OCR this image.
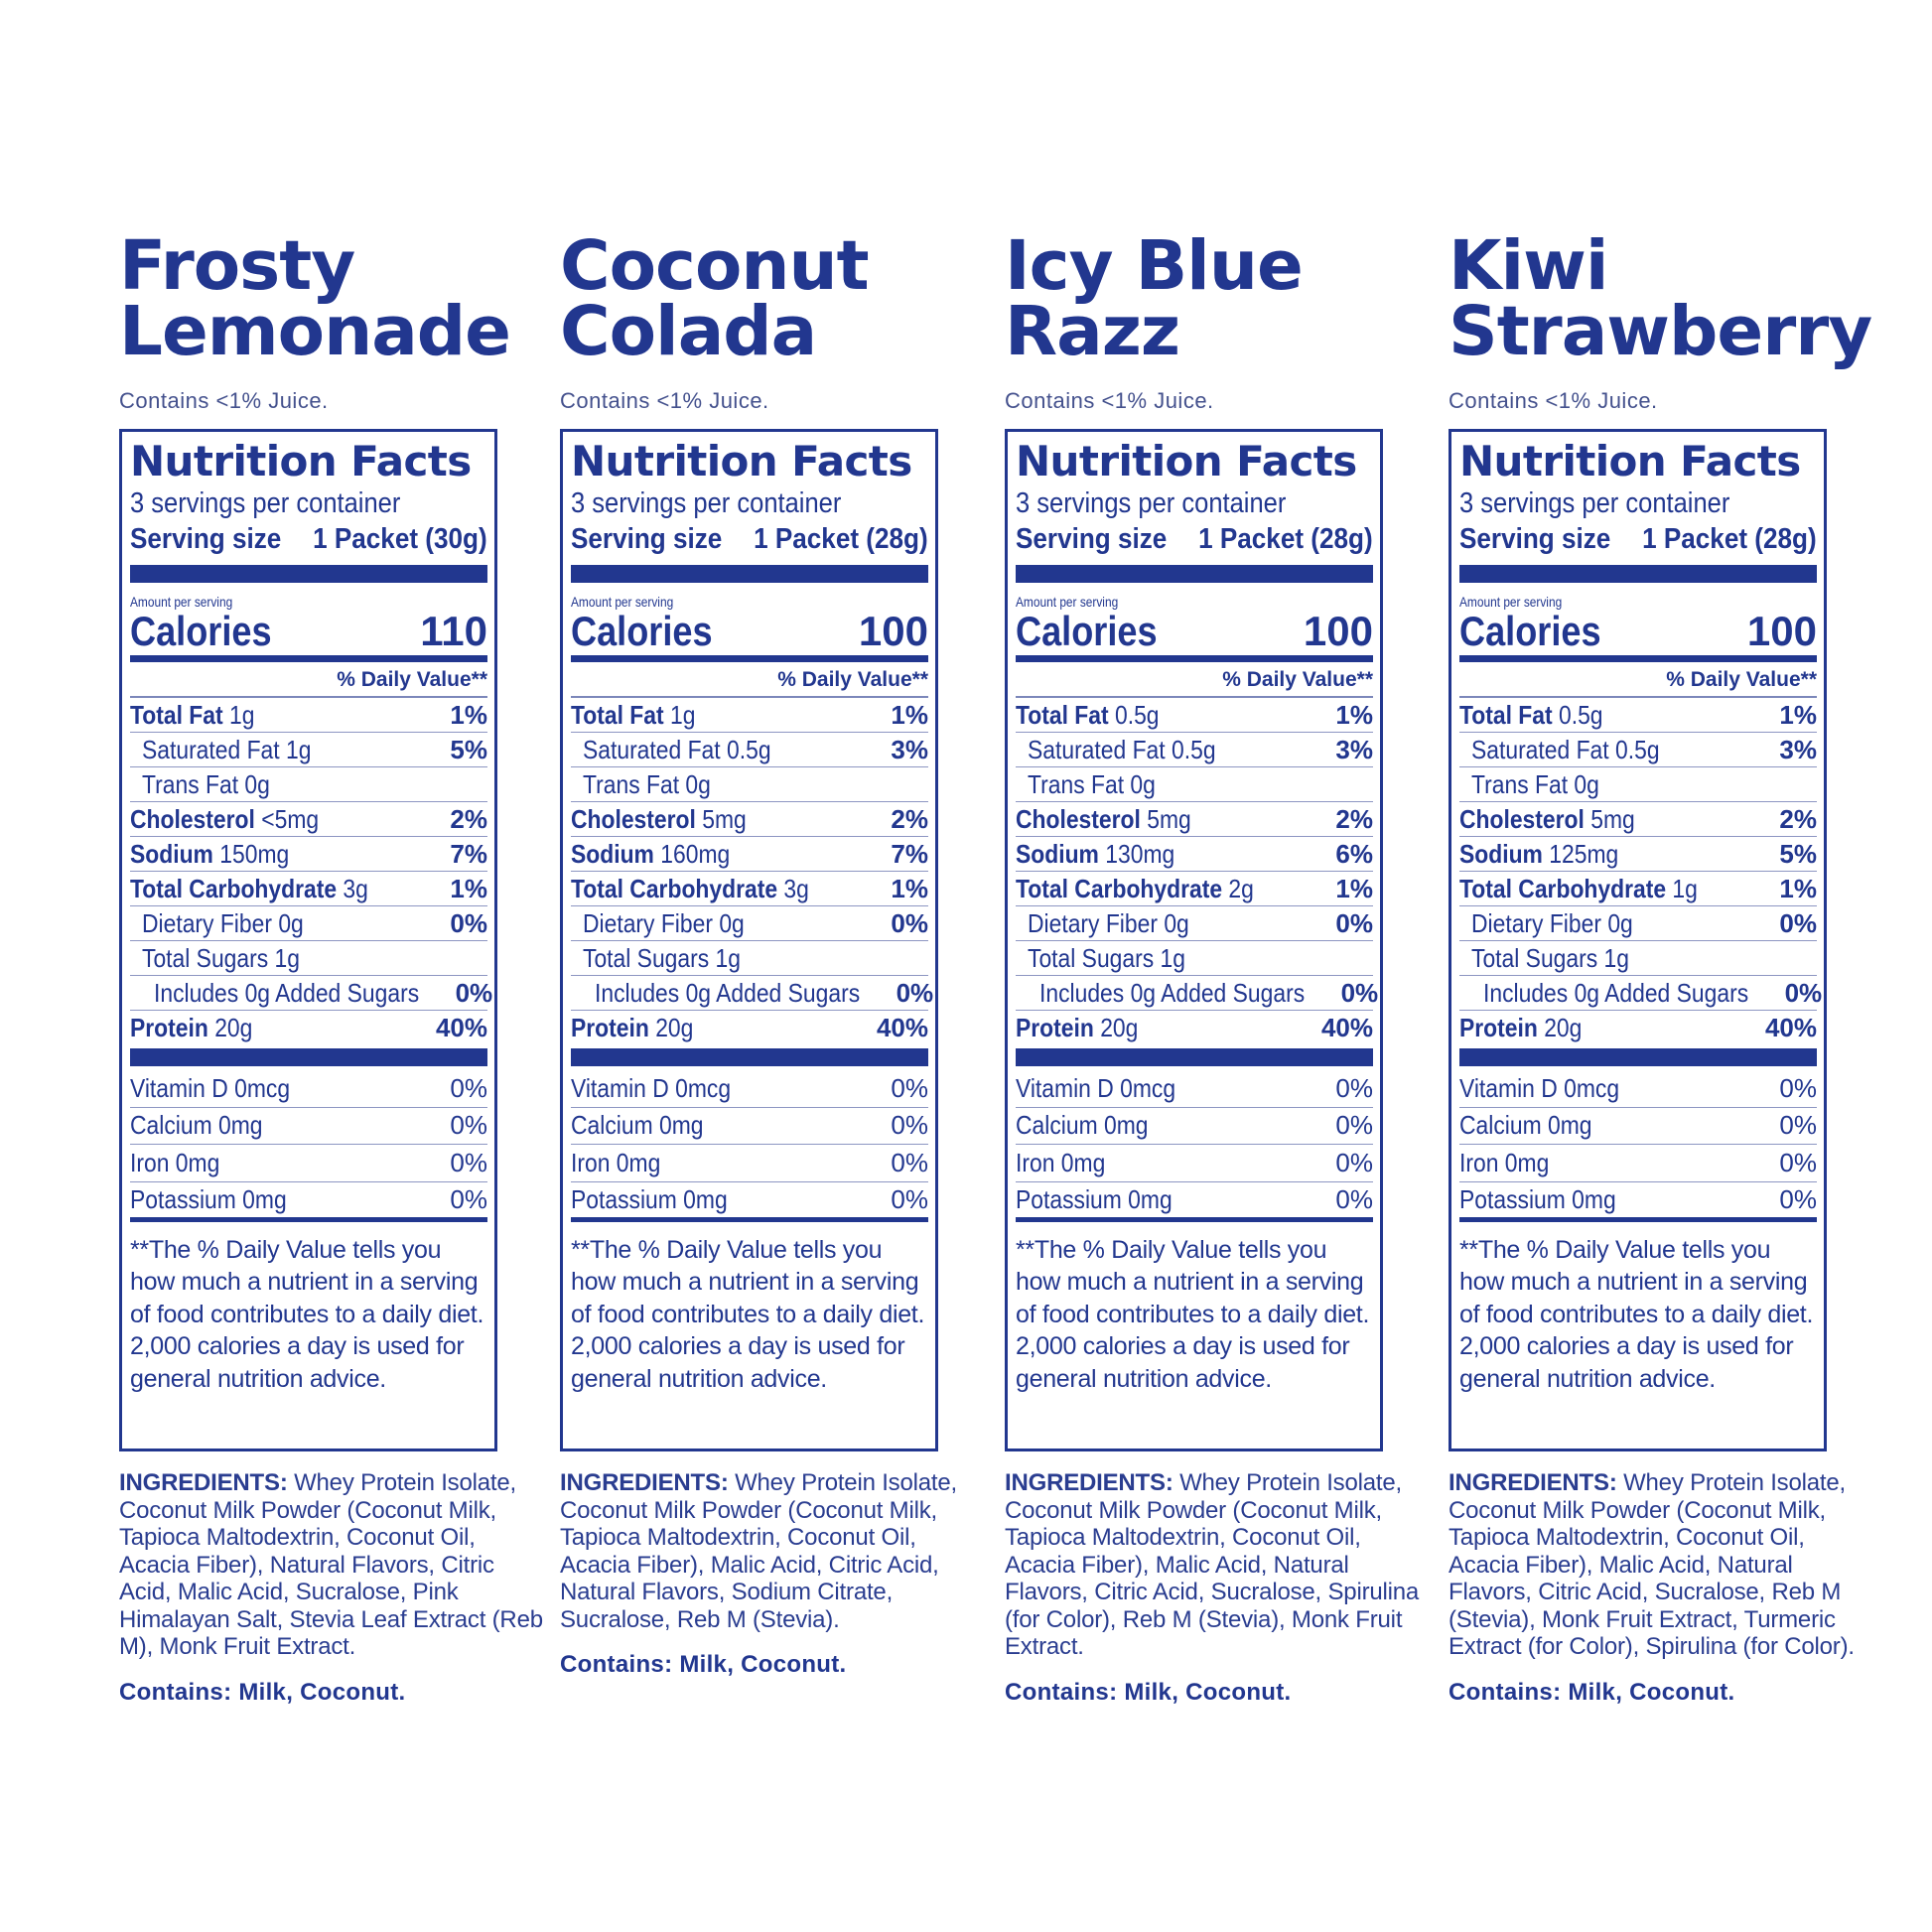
Frosty
Lemonade
Contains <1% Juice.
Nutrition Facts
3 servings per container
Serving size 1 Packet (30g)
Amount per serving
Calories	110
% Daily Value**
Total Fat 1g	1%
Saturated Fat 1g	5%
Trans Fat 0g
Cholesterol <5mg	2%
Sodium 150mg	7%
Total Carbohydrate 3g	1%
Dietary Fiber 0g	0%
Total Sugars 1g
Includes 0g Added Sugars 0%
Protein 20g	40%
Vitamin D 0mcg	0%
Calcium 0mg	0%
Iron 0mg	0%
Potassium 0mg	0%
**The % Daily Value tells you how much a nutrient in a serving of food contributes to a daily diet. 2,000 calories a day is used for general nutrition advice.
INGREDIENTS: Whey Protein Isolate, Coconut Milk Powder (Coconut Milk, Tapioca Maltodextrin, Coconut Oil, Acacia Fiber), Natural Flavors, Citric Acid, Malic Acid, Sucralose, Pink Himalayan Salt, Stevia Leaf Extract (Reb M), Monk Fruit Extract.
Contains: Milk, Coconut.
Coconut
Colada
Contains <1% Juice.
Nutrition Facts
3 servings per container
Serving size 1 Packet (28g)
Amount per serving
Calories	100
% Daily Value**
Total Fat 1g	1%
Saturated Fat 0.5g	3%
Trans Fat 0g
Cholesterol 5mg	2%
Sodium 160mg	7%
Total Carbohydrate 3g	1%
Dietary Fiber 0g	0%
Total Sugars 1g
Includes 0g Added Sugars 0%
Protein 20g	40%
Vitamin D 0mcg	0%
Calcium 0mg	0%
Iron 0mg	0%
Potassium 0mg	0%
**The % Daily Value tells you how much a nutrient in a serving of food contributes to a daily diet. 2,000 calories a day is used for general nutrition advice.
INGREDIENTS: Whey Protein Isolate, Coconut Milk Powder (Coconut Milk, Tapioca Maltodextrin, Coconut Oil, Acacia Fiber), Malic Acid, Citric Acid, Natural Flavors, Sodium Citrate, Sucralose, Reb M (Stevia).
Contains: Milk, Coconut.
Icy Blue
Razz
Contains <1% Juice.
Nutrition Facts
3 servings per container
Serving size 1 Packet (28g)
Amount per serving
Calories	100
% Daily Value**
Total Fat 0.5g	1%
Saturated Fat 0.5g	3%
Trans Fat 0g
Cholesterol 5mg	2%
Sodium 130mg	6%
Total Carbohydrate 2g	1%
Dietary Fiber 0g	0%
Total Sugars 1g
Includes 0g Added Sugars 0%
Protein 20g	40%
Vitamin D 0mcg	0%
Calcium 0mg	0%
Iron 0mg	0%
Potassium 0mg	0%
**The % Daily Value tells you how much a nutrient in a serving of food contributes to a daily diet. 2,000 calories a day is used for general nutrition advice.
INGREDIENTS: Whey Protein Isolate, Coconut Milk Powder (Coconut Milk, Tapioca Maltodextrin, Coconut Oil, Acacia Fiber), Malic Acid, Natural Flavors, Citric Acid, Sucralose, Spirulina (for Color), Reb M (Stevia), Monk Fruit Extract.
Contains: Milk, Coconut.
Kiwi
Strawberry
Contains <1% Juice.
Nutrition Facts
3 servings per container
Serving size 1 Packet (28g)
Amount per serving
Calories	100
% Daily Value**
Total Fat 0.5g	1%
Saturated Fat 0.5g	3%
Trans Fat 0g
Cholesterol 5mg	2%
Sodium 125mg	5%
Total Carbohydrate 1g	1%
Dietary Fiber 0g	0%
Total Sugars 1g
Includes 0g Added Sugars 0%
Protein 20g	40%
Vitamin D 0mcg	0%
Calcium 0mg	0%
Iron 0mg	0%
Potassium 0mg	0%
**The % Daily Value tells you how much a nutrient in a serving of food contributes to a daily diet. 2,000 calories a day is used for general nutrition advice.
INGREDIENTS: Whey Protein Isolate, Coconut Milk Powder (Coconut Milk, Tapioca Maltodextrin, Coconut Oil, Acacia Fiber), Malic Acid, Natural Flavors, Citric Acid, Sucralose, Reb M (Stevia), Monk Fruit Extract, Turmeric Extract (for Color), Spirulina (for Color).
Contains: Milk, Coconut.
